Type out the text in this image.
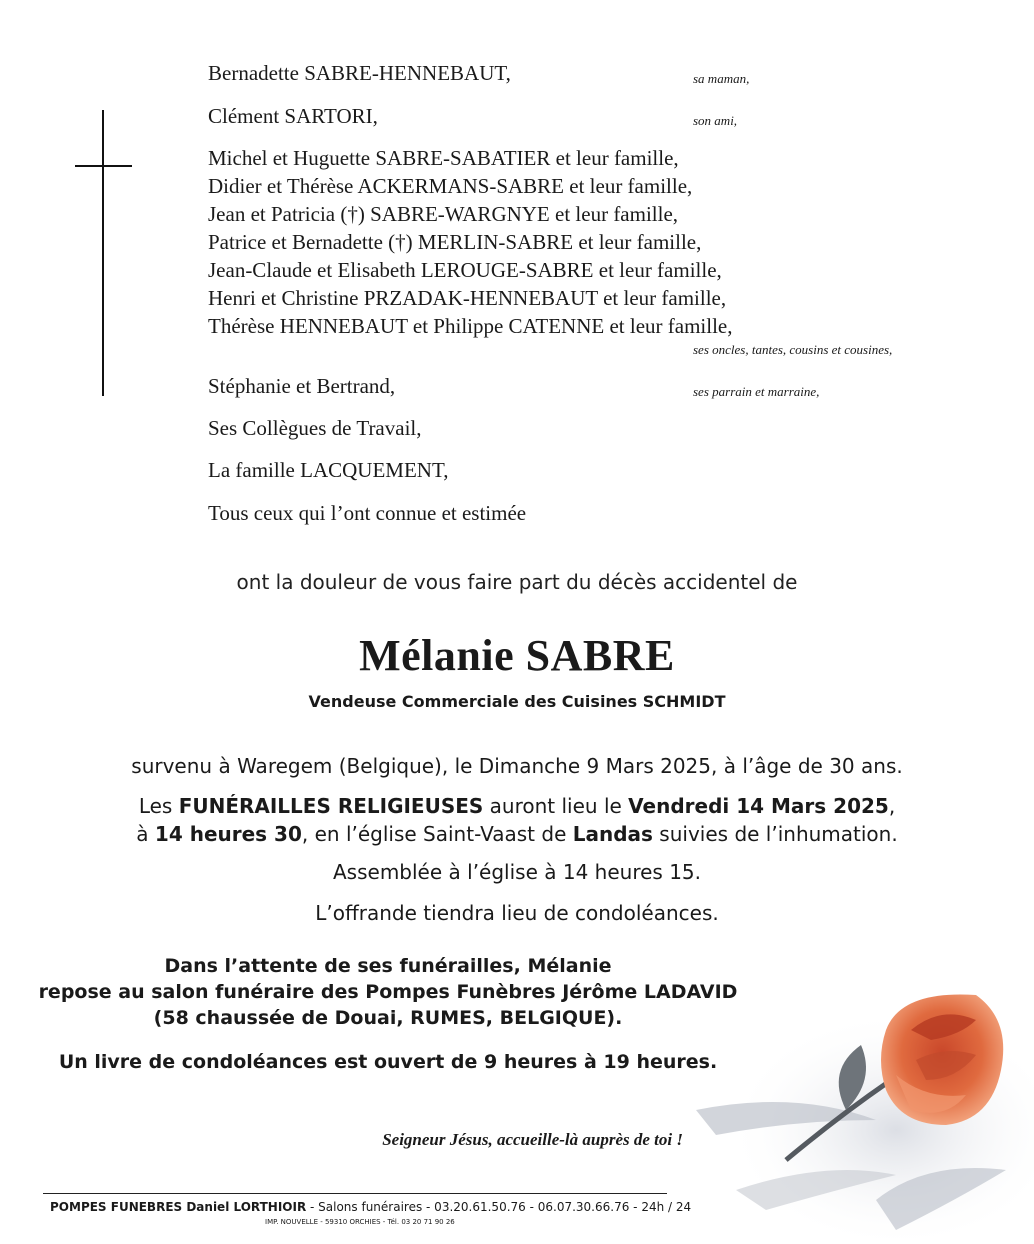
Bernadette SABRE-HENNEBAUT,	sa maman,
Clément SARTORI,	son ami,
Michel et Huguette SABRE-SABATIER et leur famille,
Didier et Thérèse ACKERMANS-SABRE et leur famille,
Jean et Patricia (†) SABRE-WARGNYE et leur famille,
Patrice et Bernadette (†) MERLIN-SABRE et leur famille,
Jean-Claude et Elisabeth LEROUGE-SABRE et leur famille,
Henri et Christine PRZADAK-HENNEBAUT et leur famille,
Thérèse HENNEBAUT et Philippe CATENNE et leur famille,
ses oncles, tantes, cousins et cousines,
Stéphanie et Bertrand,	ses parrain et marraine,
Ses Collègues de Travail,
La famille LACQUEMENT,
Tous ceux qui l’ont connue et estimée
ont la douleur de vous faire part du décès accidentel de
Mélanie SABRE
Vendeuse Commerciale des Cuisines SCHMIDT
survenu à Waregem (Belgique), le Dimanche 9 Mars 2025, à l’âge de 30 ans.
Les FUNÉRAILLES RELIGIEUSES auront lieu le Vendredi 14 Mars 2025,
à 14 heures 30, en l’église Saint-Vaast de Landas suivies de l’inhumation.
Assemblée à l’église à 14 heures 15.
L’offrande tiendra lieu de condoléances.
Dans l’attente de ses funérailles, Mélanie
repose au salon funéraire des Pompes Funèbres Jérôme LADAVID
(58 chaussée de Douai, RUMES, BELGIQUE).
Un livre de condoléances est ouvert de 9 heures à 19 heures.
Seigneur Jésus, accueille-là auprès de toi !
POMPES FUNEBRES Daniel LORTHIOIR - Salons funéraires - 03.20.61.50.76 - 06.07.30.66.76 - 24h / 24
IMP. NOUVELLE - 59310 ORCHIES - Tél. 03 20 71 90 26
